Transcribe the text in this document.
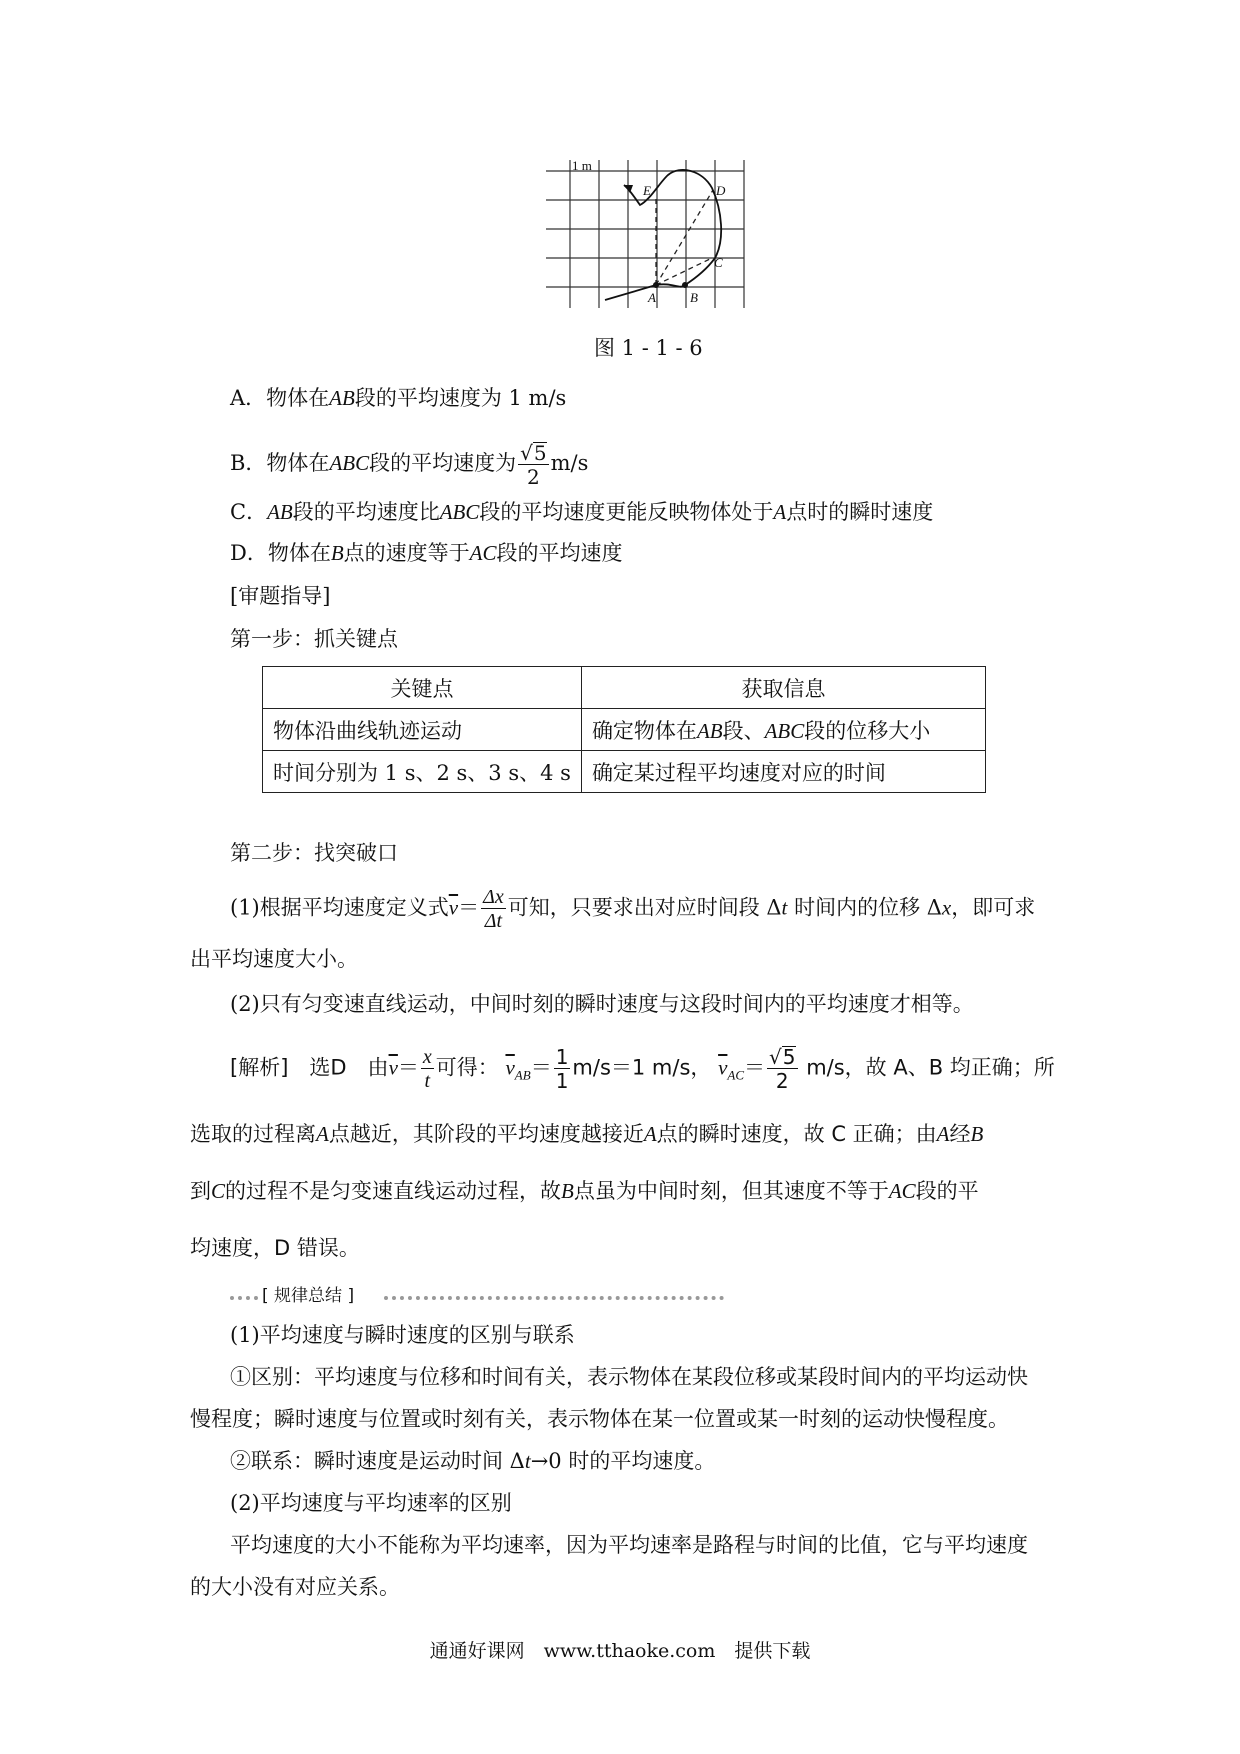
1 m
E	D
C
A	B
图 1 - 1 - 6
A．物体在AB段的平均速度为 1 m/s
B．物体在ABC段的平均速度为 $\frac{√5}{2} m/s$
C．AB段的平均速度比ABC段的平均速度更能反映物体处于A点时的瞬时速度
D．物体在B点的速度等于AC段的平均速度
[审题指导]
第一步：抓关键点
关键点	获取信息
物体沿曲线轨迹运动	确定物体在AB段、ABC段的位移大小
时间分别为 1 s、2 s、3 s、4 s	确定某过程平均速度对应的时间
第二步：找突破口
(1)根据平均速度定义式$\overline{v}= \frac{\Delta x}{\Delta t}$ 可知，只要求出对应时间段 Δt 时间内的位移 Δx，即可求
出平均速度大小。
(2)只有匀变速直线运动，中间时刻的瞬时速度与这段时间内的平均速度才相等。
[解析]　选D　由$\overline{v}= \frac{x}{t}$ 可得： $\overline{v}_{AB}= \frac{1}{1} m/s=1$ m/s， $\overline{v}_{AC}= \frac{√5}{2} m/s$，故 A、B 均正确；所
选取的过程离A点越近，其阶段的平均速度越接近A点的瞬时速度，故 C 正确；由A经B
到C的过程不是匀变速直线运动过程，故B点虽为中间时刻，但其速度不等于AC段的平
均速度，D 错误。
[ 规律总结 ]
(1)平均速度与瞬时速度的区别与联系
①区别：平均速度与位移和时间有关，表示物体在某段位移或某段时间内的平均运动快
慢程度；瞬时速度与位置或时刻有关，表示物体在某一位置或某一时刻的运动快慢程度。
②联系：瞬时速度是运动时间 Δt→0 时的平均速度。
(2)平均速度与平均速率的区别
平均速度的大小不能称为平均速率，因为平均速率是路程与时间的比值，它与平均速度
的大小没有对应关系。
通通好课网　www.tthaoke.com　提供下载
